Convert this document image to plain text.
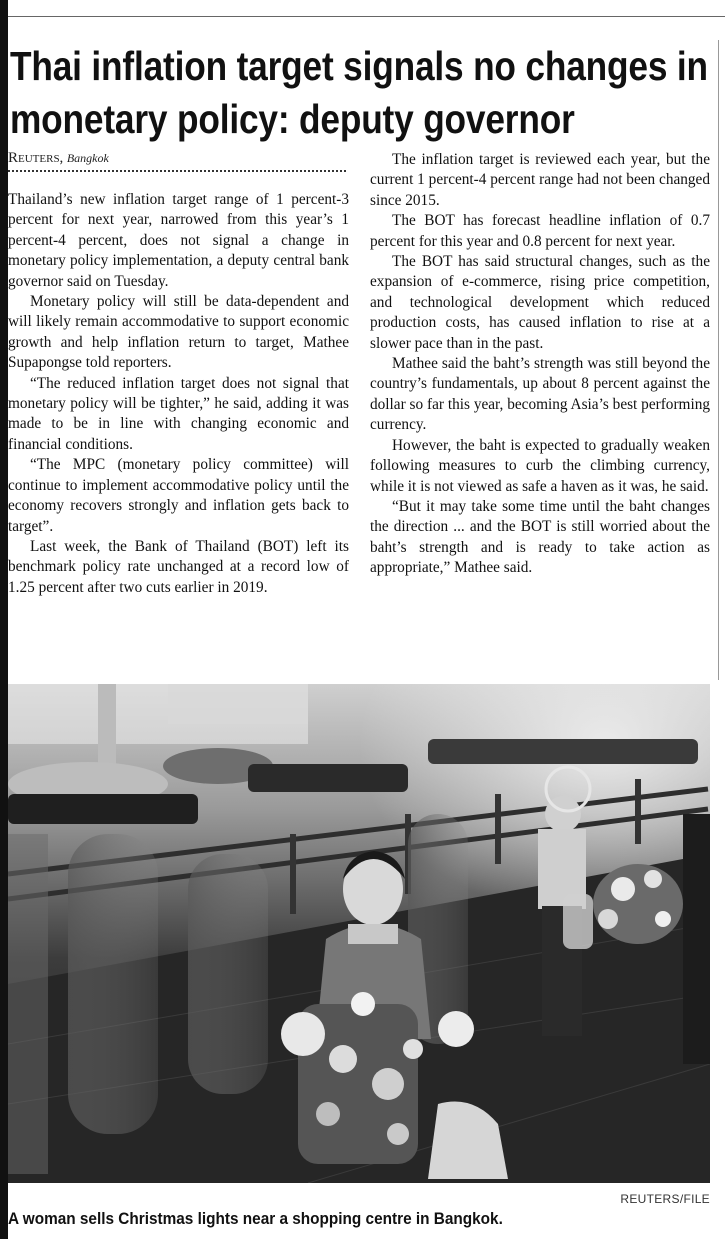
Thai inflation target signals no changes in monetary policy: deputy governor
Reuters, Bangkok

Thailand’s new inflation target range of 1 percent-3 percent for next year, narrowed from this year’s 1 percent-4 percent, does not signal a change in monetary policy implementation, a deputy central bank governor said on Tuesday.

Monetary policy will still be data-dependent and will likely remain accommodative to support economic growth and help inflation return to target, Mathee Supapongse told reporters.

“The reduced inflation target does not signal that monetary policy will be tighter,” he said, adding it was made to be in line with changing economic and financial conditions.

“The MPC (monetary policy committee) will continue to implement accommodative policy until the economy recovers strongly and inflation gets back to target”.

Last week, the Bank of Thailand (BOT) left its benchmark policy rate unchanged at a record low of 1.25 percent after two cuts earlier in 2019.

The inflation target is reviewed each year, but the current 1 percent-4 percent range had not been changed since 2015.

The BOT has forecast headline inflation of 0.7 percent for this year and 0.8 percent for next year.

The BOT has said structural changes, such as the expansion of e-commerce, rising price competition, and technological development which reduced production costs, has caused inflation to rise at a slower pace than in the past.

Mathee said the baht’s strength was still beyond the country’s fundamentals, up about 8 percent against the dollar so far this year, becoming Asia’s best performing currency.

However, the baht is expected to gradually weaken following measures to curb the climbing currency, while it is not viewed as safe a haven as it was, he said.

“But it may take some time until the baht changes the direction ... and the BOT is still worried about the baht’s strength and is ready to take action as appropriate,” Mathee said.

REUTERS/FILE
A woman sells Christmas lights near a shopping centre in Bangkok.
